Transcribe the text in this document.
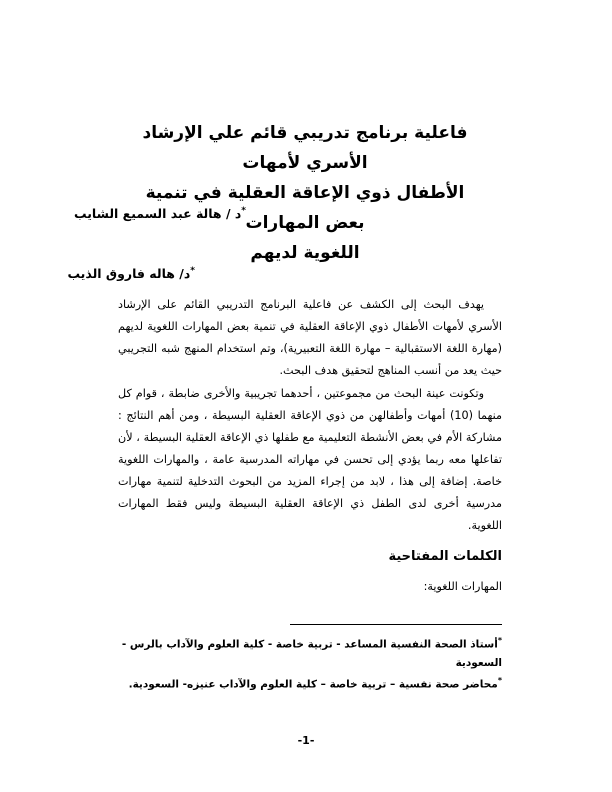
فاعلية برنامج تدريبي قائم علي الإرشاد الأسري لأمهات
الأطفال ذوي الإعاقة العقلية في تنمية بعض المهارات
اللغوية لديهم
*د / هالة عبد السميع الشايب
*د/ هاله فاروق الذيب

يهدف البحث إلى الكشف عن فاعلية البرنامج التدريبي القائم على الإرشاد الأسري لأمهات الأطفال ذوي الإعاقة العقلية في تنمية بعض المهارات اللغوية لديهم (مهارة اللغة الاستقبالية – مهارة اللغة التعبيرية)، وتم استخدام المنهج شبه التجريبي حيث يعد من أنسب المناهج لتحقيق هدف البحث.

وتكونت عينة البحث من مجموعتين ، أحدهما تجريبية والأخرى ضابطة ، قوام كل منهما (10) أمهات وأطفالهن من ذوي الإعاقة العقلية البسيطة ، ومن أهم النتائج : مشاركة الأم في بعض الأنشطة التعليمية مع طفلها ذي الإعاقة العقلية البسيطة ، لأن تفاعلها معه ربما يؤدي إلى تحسن في مهاراته المدرسية عامة ، والمهارات اللغوية خاصة. إضافة إلى هذا ، لابد من إجراء المزيد من البحوث التدخلية لتنمية مهارات مدرسية أخرى لدى الطفل ذي الإعاقة العقلية البسيطة وليس فقط المهارات اللغوية.

الكلمات المفتاحية

المهارات اللغوية:

*أستاذ الصحة النفسية المساعد - تربية خاصة - كلية العلوم والآداب بالرس - السعودية
*محاضر صحة نفسية – تربية خاصة – كلية العلوم والآداب عنيزه- السعودية.
-1-
